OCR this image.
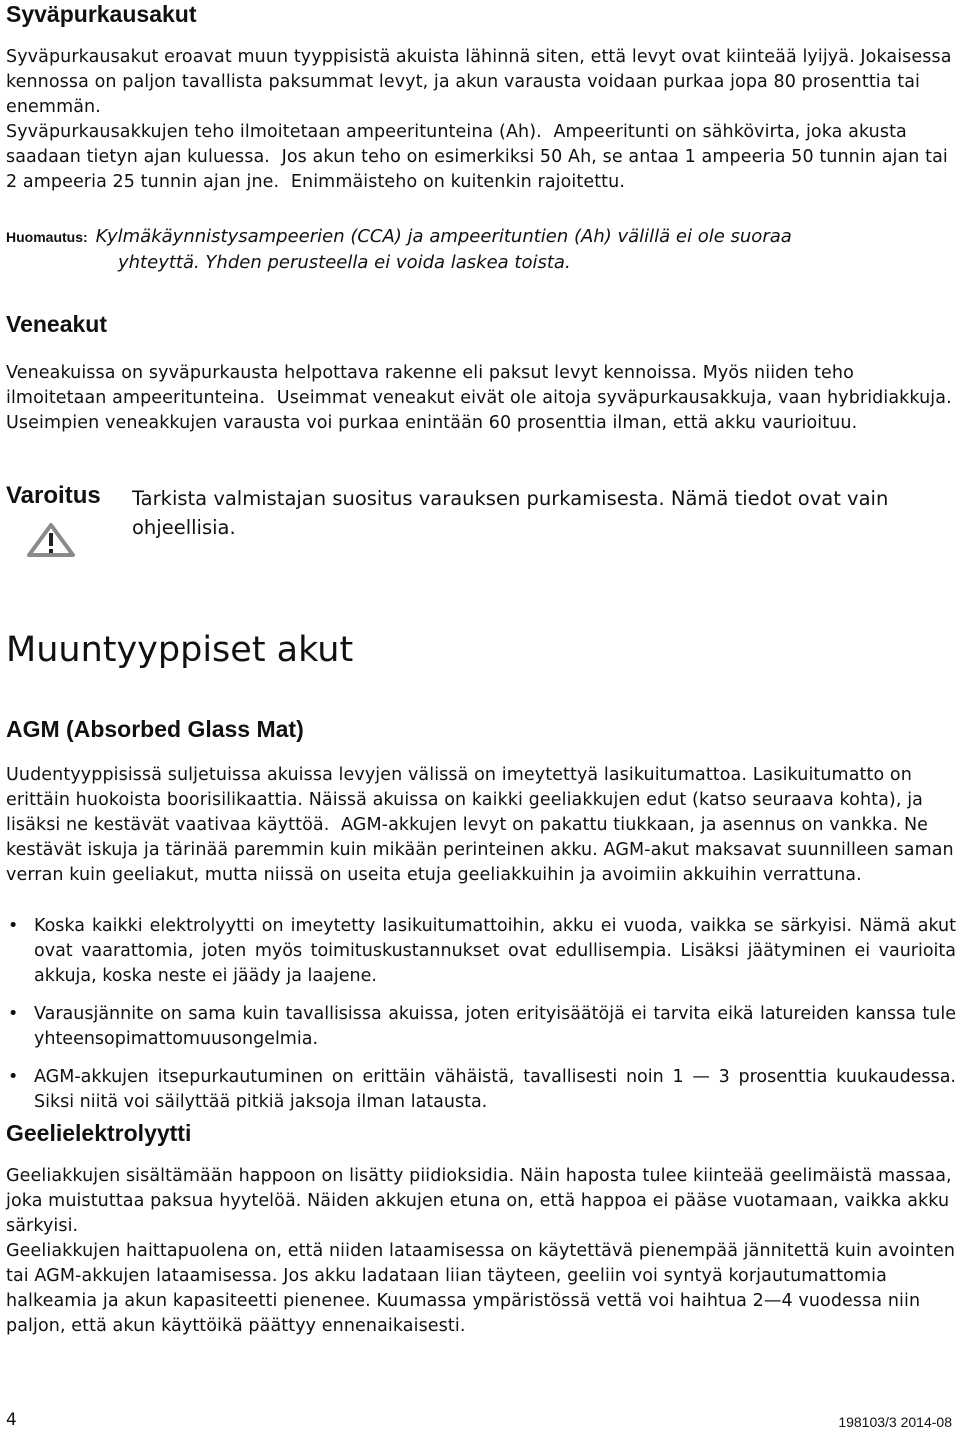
Syväpurkausakut

Syväpurkausakut eroavat muun tyyppisistä akuista lähinnä siten, että levyt ovat kiinteää lyijyä. Jokaisessa kennossa on paljon tavallista paksummat levyt, ja akun varausta voidaan purkaa jopa 80 prosenttia tai enemmän.
Syväpurkausakkujen teho ilmoitetaan ampeeritunteina (Ah). Ampeeritunti on sähkövirta, joka akusta saadaan tietyn ajan kuluessa. Jos akun teho on esimerkiksi 50 Ah, se antaa 1 ampeeria 50 tunnin ajan tai 2 ampeeria 25 tunnin ajan jne. Enimmäisteho on kuitenkin rajoitettu.

Huomautus: Kylmäkäynnistysampeerien (CCA) ja ampeerituntien (Ah) välillä ei ole suoraa
yhteyttä. Yhden perusteella ei voida laskea toista.
Veneakut

Veneakuissa on syväpurkausta helpottava rakenne eli paksut levyt kennoissa. Myös niiden teho ilmoitetaan ampeeritunteina. Useimmat veneakut eivät ole aitoja syväpurkausakkuja, vaan hybridiakkuja. Useimpien veneakkujen varausta voi purkaa enintään 60 prosenttia ilman, että akku vaurioituu.

Varoitus Tarkista valmistajan suositus varauksen purkamisesta. Nämä tiedot ovat vain ohjeellisia.
Muuntyyppiset akut
AGM (Absorbed Glass Mat)

Uudentyyppisissä suljetuissa akuissa levyjen välissä on imeytettyä lasikuitumattoa. Lasikuitumatto on erittäin huokoista boorisilikaattia. Näissä akuissa on kaikki geeliakkujen edut (katso seuraava kohta), ja lisäksi ne kestävät vaativaa käyttöä. AGM-akkujen levyt on pakattu tiukkaan, ja asennus on vankka. Ne kestävät iskuja ja tärinää paremmin kuin mikään perinteinen akku. AGM-akut maksavat suunnilleen saman verran kuin geeliakut, mutta niissä on useita etuja geeliakkuihin ja avoimiin akkuihin verrattuna.

• Koska kaikki elektrolyytti on imeytetty lasikuitumattoihin, akku ei vuoda, vaikka se särkyisi. Nämä akut ovat vaarattomia, joten myös toimituskustannukset ovat edullisempia. Lisäksi jäätyminen ei vaurioita akkuja, koska neste ei jäädy ja laajene.
• Varausjännite on sama kuin tavallisissa akuissa, joten erityisäätöjä ei tarvita eikä latureiden kanssa tule yhteensopimattomuusongelmia.
• AGM-akkujen itsepurkautuminen on erittäin vähäistä, tavallisesti noin 1 — 3 prosenttia kuukaudessa. Siksi niitä voi säilyttää pitkiä jaksoja ilman latausta.
Geelielektrolyytti

Geeliakkujen sisältämään happoon on lisätty piidioksidia. Näin haposta tulee kiinteää geelimäistä massaa, joka muistuttaa paksua hyytelöä. Näiden akkujen etuna on, että happoa ei pääse vuotamaan, vaikka akku särkyisi.

Geeliakkujen haittapuolena on, että niiden lataamisessa on käytettävä pienempää jännitettä kuin avointen tai AGM-akkujen lataamisessa. Jos akku ladataan liian täyteen, geeliin voi syntyä korjautumattomia halkeamia ja akun kapasiteetti pienenee. Kuumassa ympäristössä vettä voi haihtua 2—4 vuodessa niin paljon, että akun käyttöikä päättyy ennenaikaisesti.

4	198103/3 2014-08
